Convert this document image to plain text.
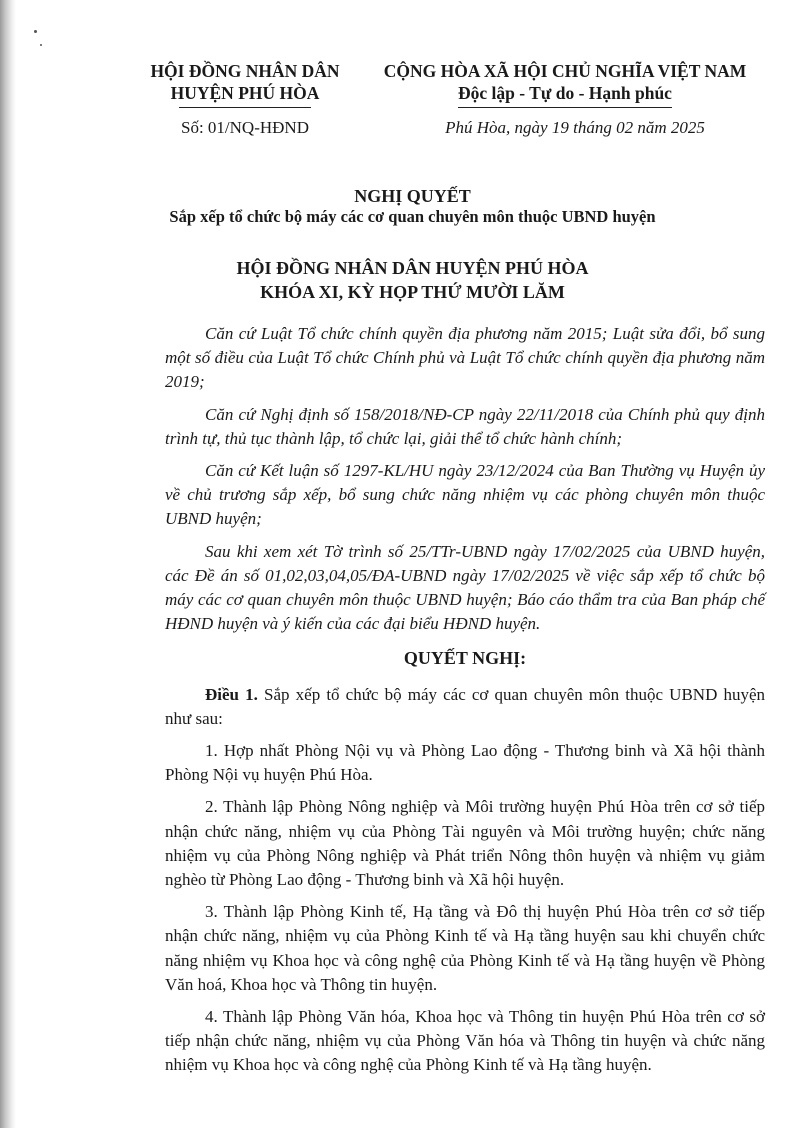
HỘI ĐỒNG NHÂN DÂN
HUYỆN PHÚ HÒA
CỘNG HÒA XÃ HỘI CHỦ NGHĨA VIỆT NAM
Độc lập - Tự do - Hạnh phúc
Số: 01/NQ-HĐND	Phú Hòa, ngày 19 tháng 02 năm 2025
NGHỊ QUYẾT
Sắp xếp tổ chức bộ máy các cơ quan chuyên môn thuộc UBND huyện
HỘI ĐỒNG NHÂN DÂN HUYỆN PHÚ HÒA
KHÓA XI, KỲ HỌP THỨ MƯỜI LĂM

Căn cứ Luật Tổ chức chính quyền địa phương năm 2015; Luật sửa đổi, bổ sung một số điều của Luật Tổ chức Chính phủ và Luật Tổ chức chính quyền địa phương năm 2019;

Căn cứ Nghị định số 158/2018/NĐ-CP ngày 22/11/2018 của Chính phủ quy định trình tự, thủ tục thành lập, tổ chức lại, giải thể tổ chức hành chính;

Căn cứ Kết luận số 1297-KL/HU ngày 23/12/2024 của Ban Thường vụ Huyện ủy về chủ trương sắp xếp, bổ sung chức năng nhiệm vụ các phòng chuyên môn thuộc UBND huyện;

Sau khi xem xét Tờ trình số 25/TTr-UBND ngày 17/02/2025 của UBND huyện, các Đề án số 01,02,03,04,05/ĐA-UBND ngày 17/02/2025 về việc sắp xếp tổ chức bộ máy các cơ quan chuyên môn thuộc UBND huyện; Báo cáo thẩm tra của Ban pháp chế HĐND huyện và ý kiến của các đại biểu HĐND huyện.

QUYẾT NGHỊ:

Điều 1. Sắp xếp tổ chức bộ máy các cơ quan chuyên môn thuộc UBND huyện như sau:

1. Hợp nhất Phòng Nội vụ và Phòng Lao động - Thương binh và Xã hội thành Phòng Nội vụ huyện Phú Hòa.

2. Thành lập Phòng Nông nghiệp và Môi trường huyện Phú Hòa trên cơ sở tiếp nhận chức năng, nhiệm vụ của Phòng Tài nguyên và Môi trường huyện; chức năng nhiệm vụ của Phòng Nông nghiệp và Phát triển Nông thôn huyện và nhiệm vụ giảm nghèo từ Phòng Lao động - Thương binh và Xã hội huyện.

3. Thành lập Phòng Kinh tế, Hạ tầng và Đô thị huyện Phú Hòa trên cơ sở tiếp nhận chức năng, nhiệm vụ của Phòng Kinh tế và Hạ tầng huyện sau khi chuyển chức năng nhiệm vụ Khoa học và công nghệ của Phòng Kinh tế và Hạ tầng huyện về Phòng Văn hoá, Khoa học và Thông tin huyện.

4. Thành lập Phòng Văn hóa, Khoa học và Thông tin huyện Phú Hòa trên cơ sở tiếp nhận chức năng, nhiệm vụ của Phòng Văn hóa và Thông tin huyện và chức năng nhiệm vụ Khoa học và công nghệ của Phòng Kinh tế và Hạ tầng huyện.
